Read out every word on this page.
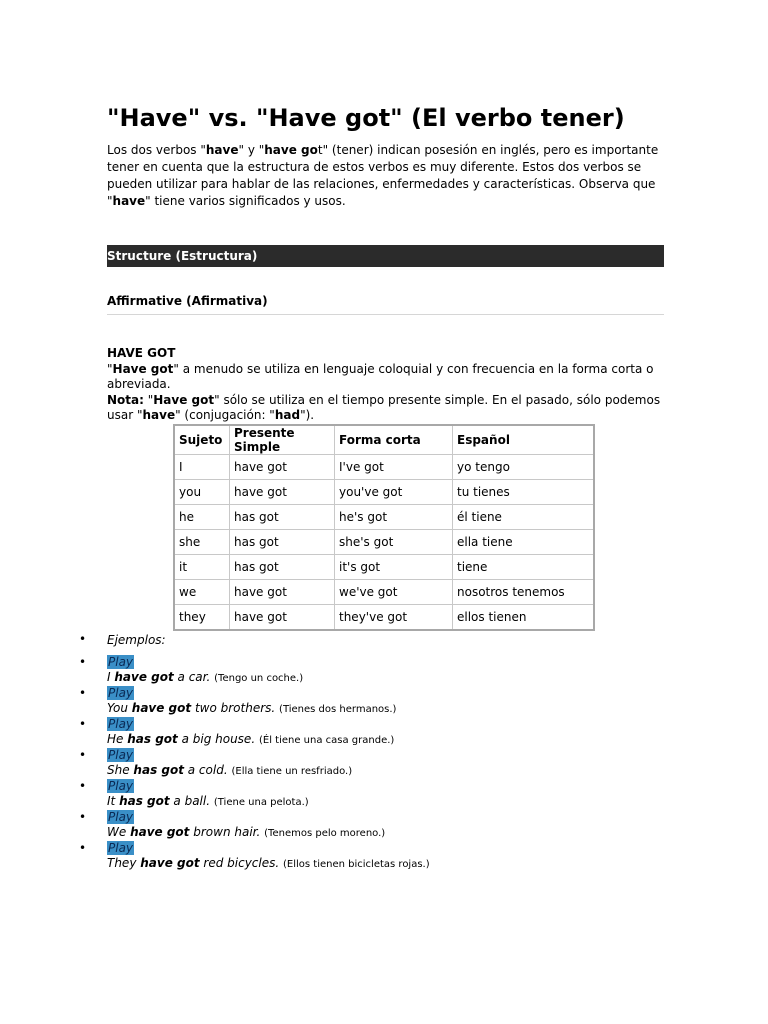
"Have" vs. "Have got" (El verbo tener)

Los dos verbos "have" y "have got" (tener) indican posesión en inglés, pero es importante tener en cuenta que la estructura de estos verbos es muy diferente. Estos dos verbos se pueden utilizar para hablar de las relaciones, enfermedades y características. Observa que "have" tiene varios significados y usos.

Structure (Estructura)
Affirmative (Afirmativa)

HAVE GOT

"Have got" a menudo se utiliza en lenguaje coloquial y con frecuencia en la forma corta o abreviada.

Nota: "Have got" sólo se utiliza en el tiempo presente simple. En el pasado, sólo podemos usar "have" (conjugación: "had").

Sujeto	Presente Simple	Forma corta	Español
I	have got	I've got	yo tengo
you	have got	you've got	tu tienes
he	has got	he's got	él tiene
she	has got	she's got	ella tiene
it	has got	it's got	tiene
we	have got	we've got	nosotros tenemos
they	have got	they've got	ellos tienen
• Ejemplos:
• Play
I have got a car. (Tengo un coche.)
• Play
You have got two brothers. (Tienes dos hermanos.)
• Play
He has got a big house. (Él tiene una casa grande.)
• Play
She has got a cold. (Ella tiene un resfriado.)
• Play
It has got a ball. (Tiene una pelota.)
• Play
We have got brown hair. (Tenemos pelo moreno.)
• Play
They have got red bicycles. (Ellos tienen bicicletas rojas.)
